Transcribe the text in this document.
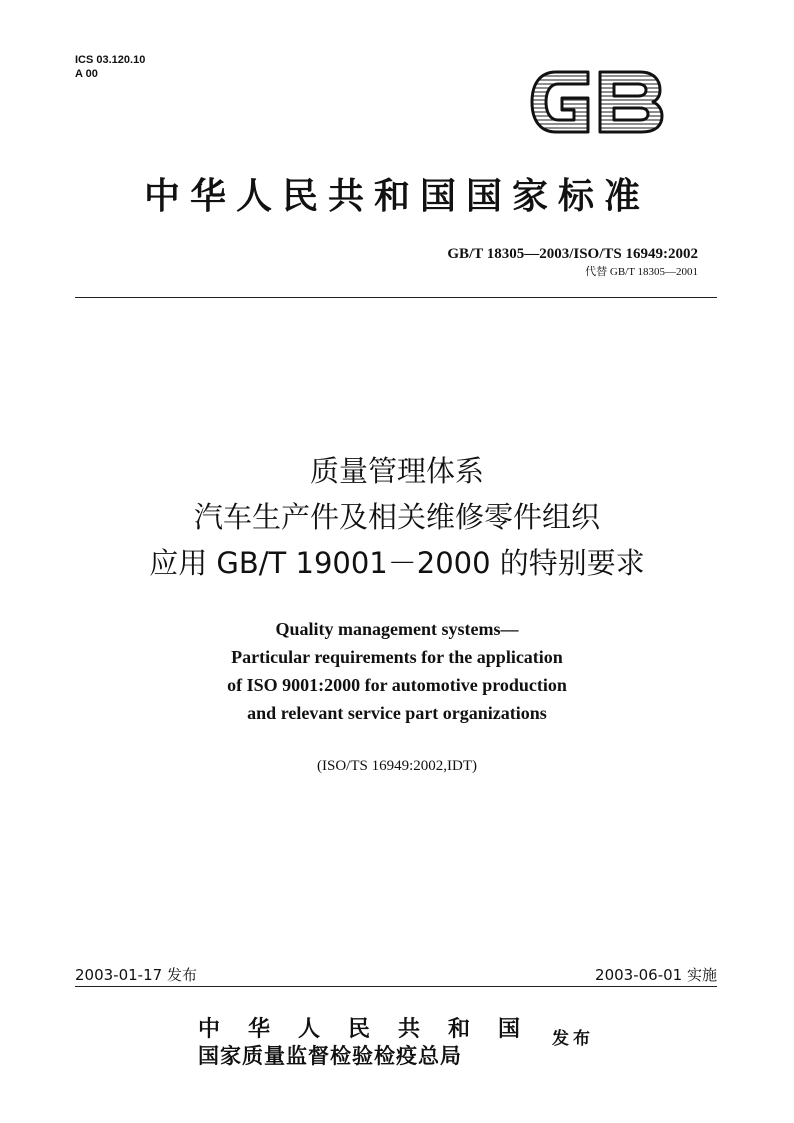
ICS 03.120.10
A 00
中华人民共和国国家标准
GB/T 18305—2003/ISO/TS 16949:2002
代替 GB/T 18305—2001
质量管理体系
汽车生产件及相关维修零件组织
应用 GB/T 19001－2000 的特别要求
Quality management systems—
Particular requirements for the application
of ISO 9001:2000 for automotive production
and relevant service part organizations
(ISO/TS 16949:2002,IDT)
2003-01-17 发布	2003-06-01 实施
中华人民共和国
国家质量监督检验检疫总局
发布
